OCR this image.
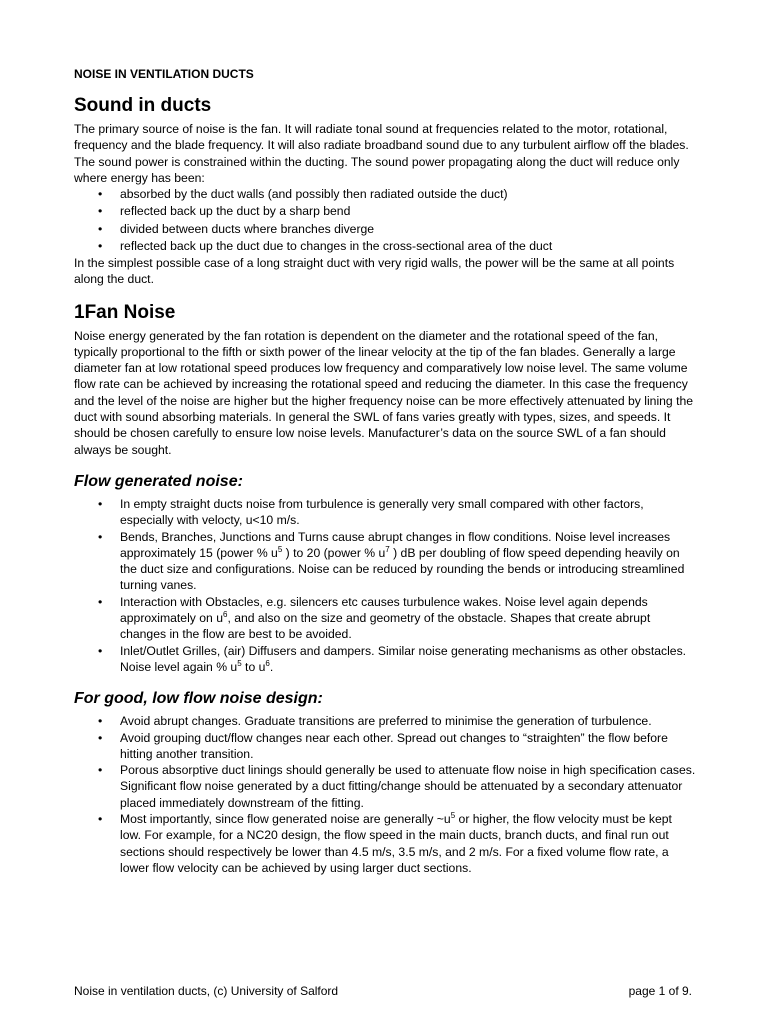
NOISE IN VENTILATION DUCTS
Sound in ducts

The primary source of noise is the fan. It will radiate tonal sound at frequencies related to the motor, rotational, frequency and the blade frequency. It will also radiate broadband sound due to any turbulent airflow off the blades. The sound power is constrained within the ducting. The sound power propagating along the duct will reduce only where energy has been:

• absorbed by the duct walls (and possibly then radiated outside the duct)
• reflected back up the duct by a sharp bend
• divided between ducts where branches diverge
• reflected back up the duct due to changes in the cross-sectional area of the duct

In the simplest possible case of a long straight duct with very rigid walls, the power will be the same at all points along the duct.

1Fan Noise

Noise energy generated by the fan rotation is dependent on the diameter and the rotational speed of the fan, typically proportional to the fifth or sixth power of the linear velocity at the tip of the fan blades. Generally a large diameter fan at low rotational speed produces low frequency and comparatively low noise level. The same volume flow rate can be achieved by increasing the rotational speed and reducing the diameter. In this case the frequency and the level of the noise are higher but the higher frequency noise can be more effectively attenuated by lining the duct with sound absorbing materials. In general the SWL of fans varies greatly with types, sizes, and speeds. It should be chosen carefully to ensure low noise levels. Manufacturer’s data on the source SWL of a fan should always be sought.

Flow generated noise:
• In empty straight ducts noise from turbulence is generally very small compared with other factors, especially with velocty, u<10 m/s.
• Bends, Branches, Junctions and Turns cause abrupt changes in flow conditions. Noise level increases approximately 15 (power % $u^5$ ) to 20 (power % $u^7$ ) dB per doubling of flow speed depending heavily on the duct size and configurations. Noise can be reduced by rounding the bends or introducing streamlined turning vanes.
• Interaction with Obstacles, e.g. silencers etc causes turbulence wakes. Noise level again depends approximately on $u^6$, and also on the size and geometry of the obstacle. Shapes that create abrupt changes in the flow are best to be avoided.
• Inlet/Outlet Grilles, (air) Diffusers and dampers. Similar noise generating mechanisms as other obstacles. Noise level again % $u^5$ to $u^6$.
For good, low flow noise design:
• Avoid abrupt changes. Graduate transitions are preferred to minimise the generation of turbulence.
• Avoid grouping duct/flow changes near each other. Spread out changes to “straighten” the flow before hitting another transition.
• Porous absorptive duct linings should generally be used to attenuate flow noise in high specification cases. Significant flow noise generated by a duct fitting/change should be attenuated by a secondary attenuator placed immediately downstream of the fitting.
• Most importantly, since flow generated noise are generally $\sim u^5$ or higher, the flow velocity must be kept low. For example, for a NC20 design, the flow speed in the main ducts, branch ducts, and final run out sections should respectively be lower than 4.5 m/s, 3.5 m/s, and 2 m/s. For a fixed volume flow rate, a lower flow velocity can be achieved by using larger duct sections.
Noise in ventilation ducts, (c) University of Salford	page 1 of 9.
